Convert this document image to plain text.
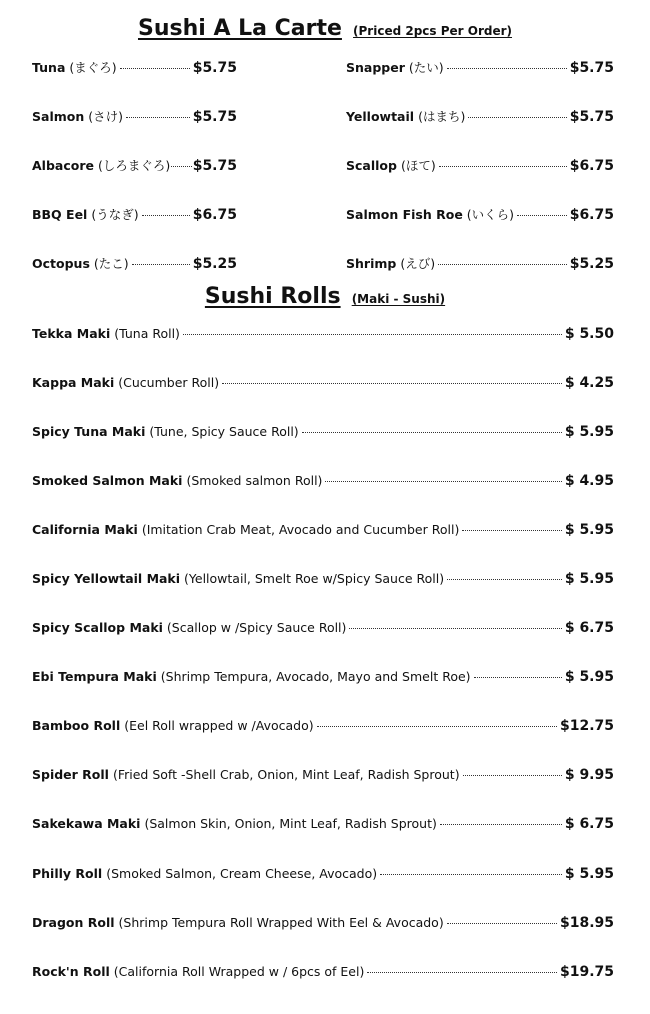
Sushi A La Carte (Priced 2pcs Per Order)
Tuna (まぐろ)	$5.75
Salmon (さけ)	$5.75
Albacore (しろまぐろ) $5.75
BBQ Eel (うなぎ)	$6.75
Octopus (たこ)	$5.25
Snapper (たい)	$5.75
Yellowtail (はまち)	$5.75
Scallop (ほて)	$6.75
Salmon Fish Roe (いくら)	$6.75
Shrimp (えび)	$5.25
Sushi Rolls (Maki - Sushi)
Tekka Maki (Tuna Roll)	$ 5.50
Kappa Maki (Cucumber Roll)	$ 4.25
Spicy Tuna Maki (Tune, Spicy Sauce Roll)	$ 5.95
Smoked Salmon Maki (Smoked salmon Roll)	$ 4.95
California Maki (Imitation Crab Meat, Avocado and Cucumber Roll)	$ 5.95
Spicy Yellowtail Maki (Yellowtail, Smelt Roe w/Spicy Sauce Roll)	$ 5.95
Spicy Scallop Maki (Scallop w /Spicy Sauce Roll)	$ 6.75
Ebi Tempura Maki (Shrimp Tempura, Avocado, Mayo and Smelt Roe)	$ 5.95
Bamboo Roll (Eel Roll wrapped w /Avocado)	$12.75
Spider Roll (Fried Soft -Shell Crab, Onion, Mint Leaf, Radish Sprout)	$ 9.95
Sakekawa Maki (Salmon Skin, Onion, Mint Leaf, Radish Sprout)	$ 6.75
Philly Roll (Smoked Salmon, Cream Cheese, Avocado)	$ 5.95
Dragon Roll (Shrimp Tempura Roll Wrapped With Eel & Avocado)	$18.95
Rock'n Roll (California Roll Wrapped w / 6pcs of Eel)	$19.75
